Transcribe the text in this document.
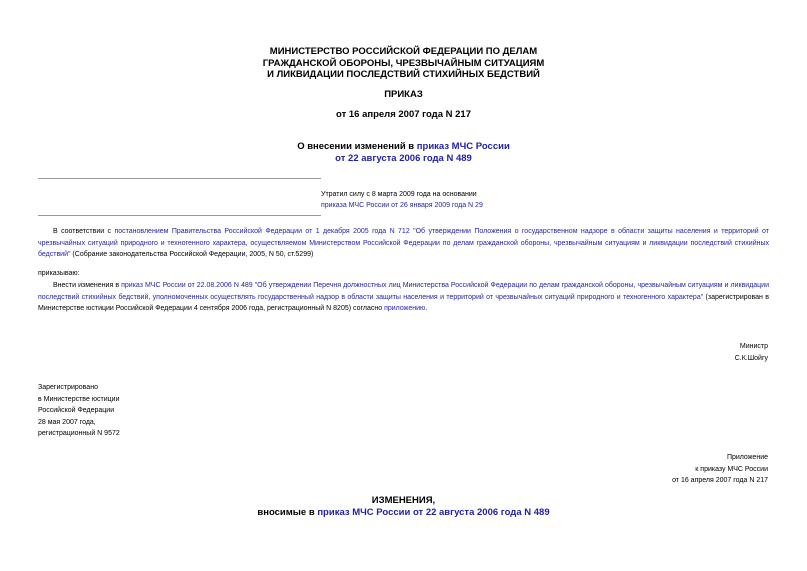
МИНИСТЕРСТВО РОССИЙСКОЙ ФЕДЕРАЦИИ ПО ДЕЛАМ
ГРАЖДАНСКОЙ ОБОРОНЫ, ЧРЕЗВЫЧАЙНЫМ СИТУАЦИЯМ
И ЛИКВИДАЦИИ ПОСЛЕДСТВИЙ СТИХИЙНЫХ БЕДСТВИЙ
ПРИКАЗ
от 16 апреля 2007 года N 217
О внесении изменений в приказ МЧС России
от 22 августа 2006 года N 489
Утратил силу с 8 марта 2009 года на основании
приказа МЧС России от 26 января 2009 года N 29
В соответствии с постановлением Правительства Российской Федерации от 1 декабря 2005 года N 712 "Об утверждении Положения о государственном надзоре в области защиты населения и территорий от чрезвычайных ситуаций природного и техногенного характера, осуществляемом Министерством Российской Федерации по делам гражданской обороны, чрезвычайным ситуациям и ликвидации последствий стихийных бедствий" (Собрание законодательства Российской Федерации, 2005, N 50, ст.5299)
приказываю:
Внести изменения в приказ МЧС России от 22.08.2006 N 489 "Об утверждении Перечня должностных лиц Министерства Российской Федерации по делам гражданской обороны, чрезвычайным ситуациям и ликвидации последствий стихийных бедствий, уполномоченных осуществлять государственный надзор в области защиты населения и территорий от чрезвычайных ситуаций природного и техногенного характера" (зарегистрирован в Министерстве юстиции Российской Федерации 4 сентября 2006 года, регистрационный N 8205) согласно приложению.
Министр
С.К.Шойгу
Зарегистрировано
в Министерстве юстиции
Российской Федерации
28 мая 2007 года,
регистрационный N 9572
Приложение
к приказу МЧС России
от 16 апреля 2007 года N 217
ИЗМЕНЕНИЯ,
вносимые в приказ МЧС России от 22 августа 2006 года N 489
